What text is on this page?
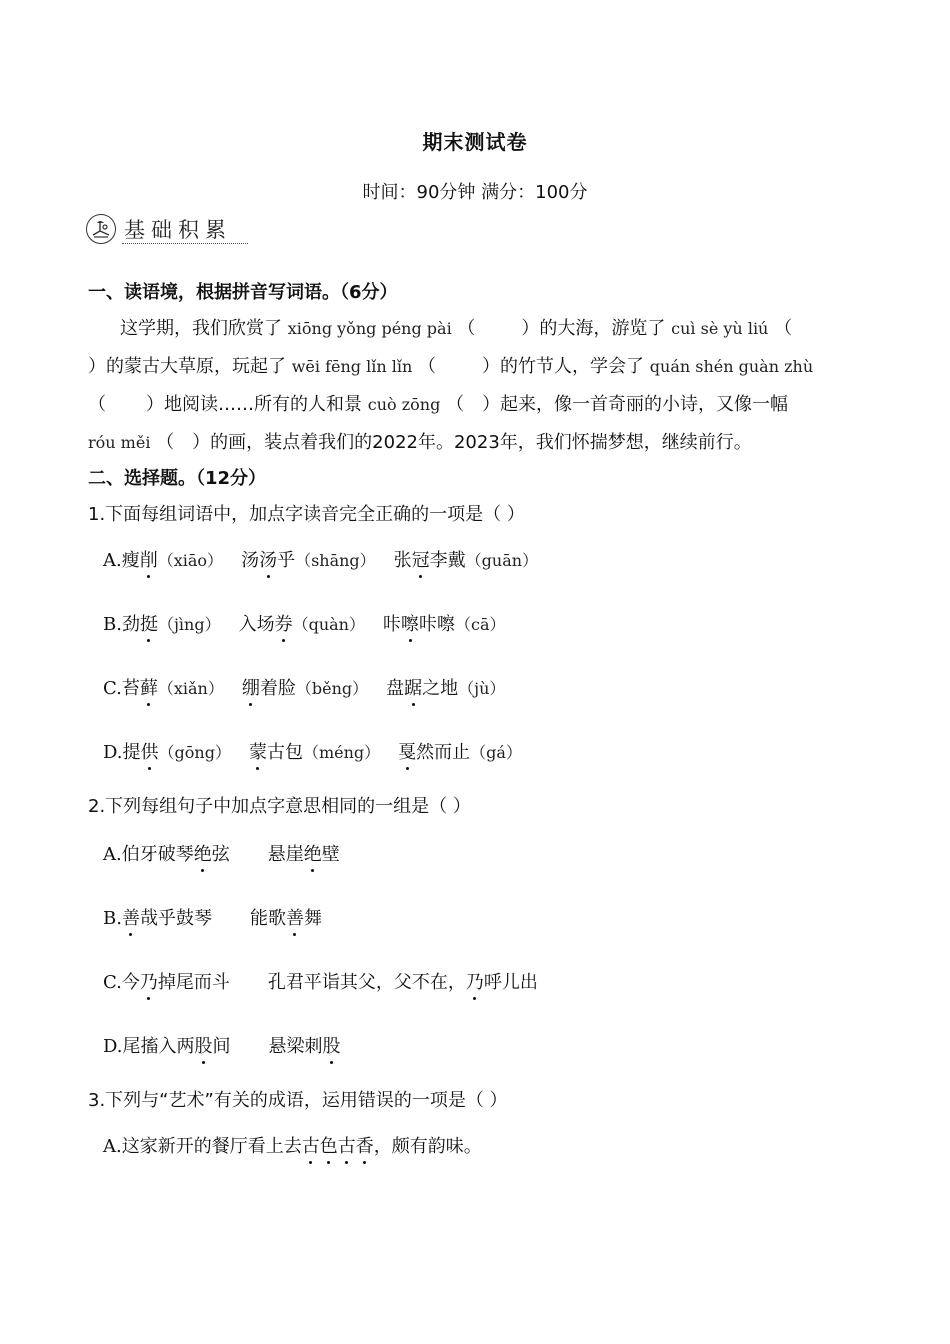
期末测试卷
时间：90分钟 满分：100分
基础积累
一、读语境，根据拼音写词语。（6分）
这学期，我们欣赏了 xiōng yǒng péng pài （	）的大海，游览了 cuì sè yù liú （
）的蒙古大草原，玩起了 wēi fēng lǐn lǐn （	）的竹节人，学会了 quán shén guàn zhù
（ ）地阅读……所有的人和景 cuò zōng （ ）起来，像一首奇丽的小诗，又像一幅
róu měi （ ）的画，装点着我们的2022年。2023年，我们怀揣梦想，继续前行。
二、选择题。（12分）
1.下面每组词语中，加点字读音完全正确的一项是（ ）
A.瘦削（xiāo） 汤汤乎（shāng） 张冠李戴（guān）
B.劲挺（jìng） 入场券（quàn） 咔嚓咔嚓（cā）
C.苔藓（xiǎn） 绷着脸（běng） 盘踞之地（jù）
D.提供（gōng） 蒙古包（méng） 戛然而止（gá）
2.下列每组句子中加点字意思相同的一组是（ ）
A.伯牙破琴绝弦 悬崖绝壁
B.善哉乎鼓琴 能歌善舞
C.今乃掉尾而斗 孔君平诣其父，父不在，乃呼儿出
D.尾搐入两股间 悬梁刺股
3.下列与“艺术”有关的成语，运用错误的一项是（ ）
A.这家新开的餐厅看上去古色古香，颇有韵味。
